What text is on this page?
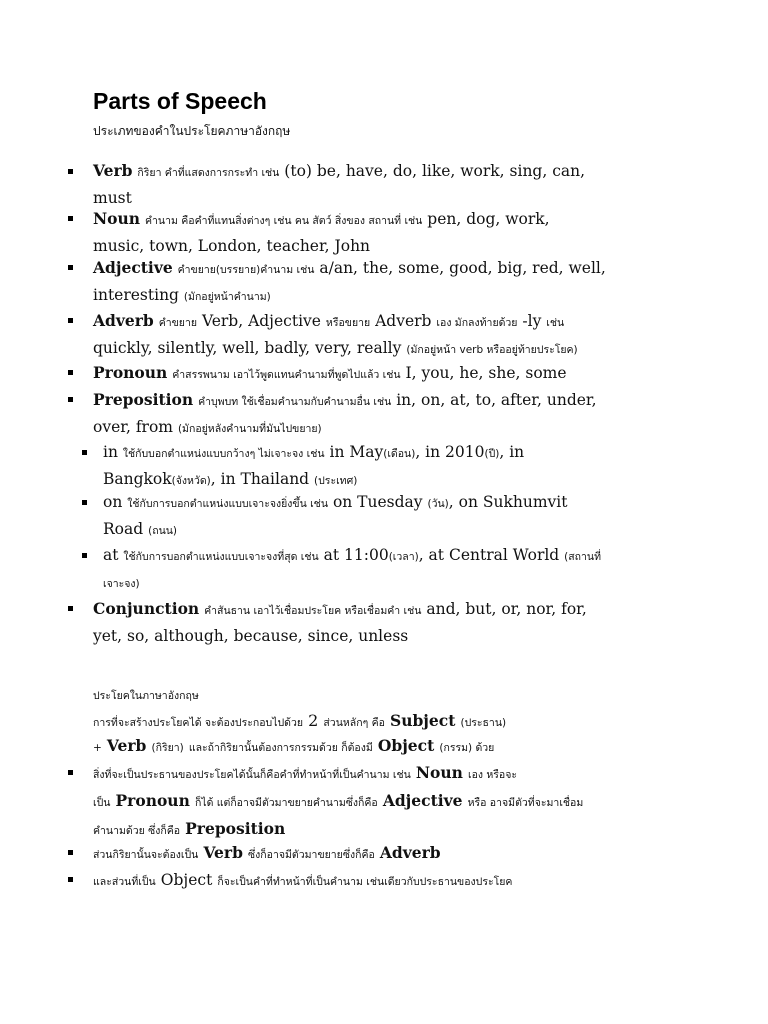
Parts of Speech
ประเภทของคำในประโยคภาษาอังกฤษ
Verb กิริยา คำที่แสดงการกระทำ เช่น (to) be, have, do, like, work, sing, can,
must
Noun คำนาม คือคำที่แทนสิ่งต่างๆ เช่น คน สัตว์ สิ่งของ สถานที่ เช่น pen, dog, work,
music, town, London, teacher, John
Adjective คำขยาย(บรรยาย)คำนาม เช่น a/an, the, some, good, big, red, well,
interesting (มักอยู่หน้าคำนาม)
Adverb คำขยาย Verb, Adjective หรือขยาย Adverb เอง มักลงท้ายด้วย -ly เช่น
quickly, silently, well, badly, very, really (มักอยู่หน้า verb หรืออยู่ท้ายประโยค)
Pronoun คำสรรพนาม เอาไว้พูดแทนคำนามที่พูดไปแล้ว เช่น I, you, he, she, some
Preposition คำบุพบท ใช้เชื่อมคำนามกับคำนามอื่น เช่น in, on, at, to, after, under,
over, from (มักอยู่หลังคำนามที่มันไปขยาย)
in ใช้กับบอกตำแหน่งแบบกว้างๆ ไม่เจาะจง เช่น in May(เดือน), in 2010(ปี), in
Bangkok(จังหวัด), in Thailand (ประเทศ)
on ใช้กับการบอกตำแหน่งแบบเจาะจงยิ่งขึ้น เช่น on Tuesday (วัน), on Sukhumvit
Road (ถนน)
at ใช้กับการบอกตำแหน่งแบบเจาะจงที่สุด เช่น at 11:00(เวลา), at Central World (สถานที่
เจาะจง)
Conjunction คำสันธาน เอาไว้เชื่อมประโยค หรือเชื่อมคำ เช่น and, but, or, nor, for,
yet, so, although, because, since, unless
ประโยคในภาษาอังกฤษ
การที่จะสร้างประโยคได้ จะต้องประกอบไปด้วย 2 ส่วนหลักๆ คือ Subject (ประธาน)
+ Verb (กิริยา) และถ้ากิริยานั้นต้องการกรรมด้วย ก็ต้องมี Object (กรรม) ด้วย
สิ่งที่จะเป็นประธานของประโยคได้นั้นก็คือคำที่ทำหน้าที่เป็นคำนาม เช่น Noun เอง หรือจะ
เป็น Pronoun ก็ได้ แต่ก็อาจมีตัวมาขยายคำนามซึ่งก็คือ Adjective หรือ อาจมีตัวที่จะมาเชื่อม
คำนามด้วย ซึ่งก็คือ Preposition
ส่วนกิริยานั้นจะต้องเป็น Verb ซึ่งก็อาจมีตัวมาขยายซึ่งก็คือ Adverb
และส่วนที่เป็น Object ก็จะเป็นคำที่ทำหน้าที่เป็นคำนาม เช่นเดียวกับประธานของประโยค
